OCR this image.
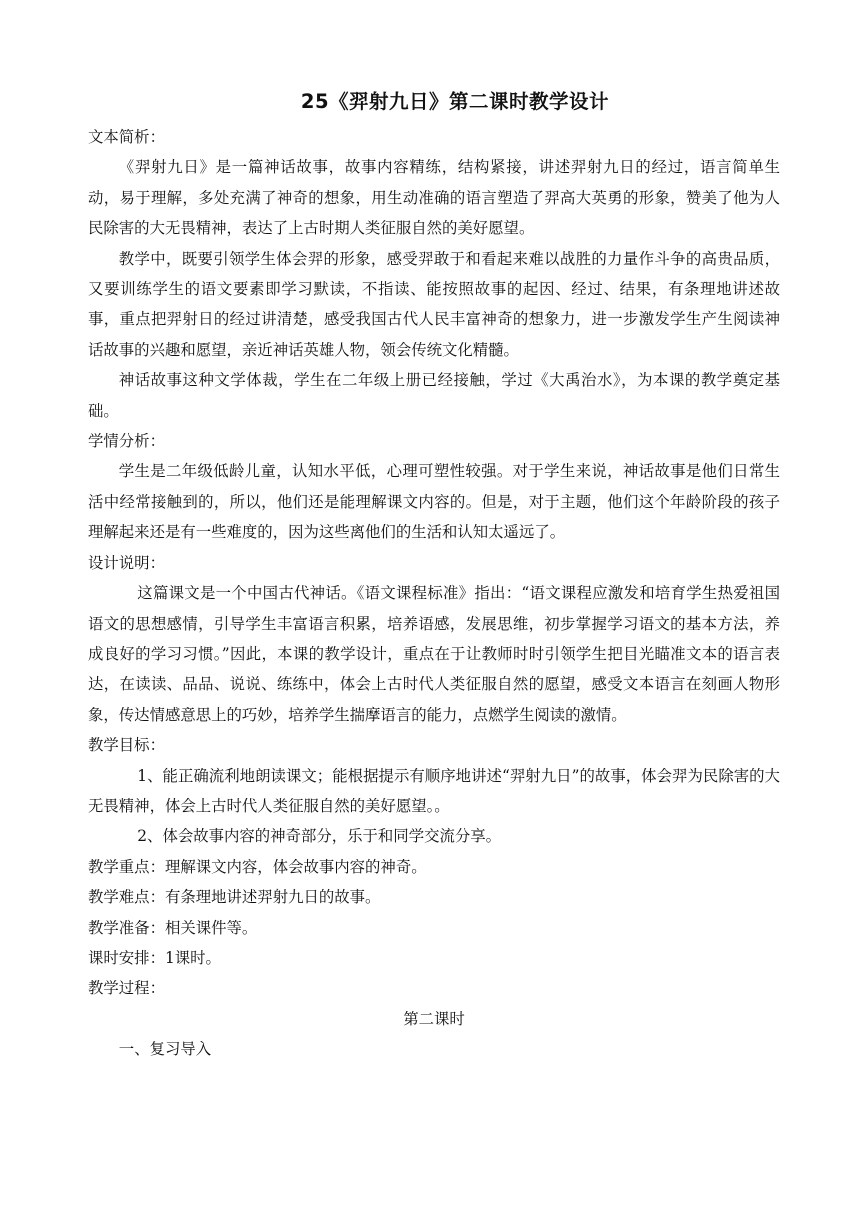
25《羿射九日》第二课时教学设计

文本简析：

《羿射九日》是一篇神话故事，故事内容精练，结构紧接，讲述羿射九日的经过，语言简单生动，易于理解，多处充满了神奇的想象，用生动准确的语言塑造了羿高大英勇的形象，赞美了他为人民除害的大无畏精神，表达了上古时期人类征服自然的美好愿望。

教学中，既要引领学生体会羿的形象，感受羿敢于和看起来难以战胜的力量作斗争的高贵品质，又要训练学生的语文要素即学习默读，不指读、能按照故事的起因、经过、结果，有条理地讲述故事，重点把羿射日的经过讲清楚，感受我国古代人民丰富神奇的想象力，进一步激发学生产生阅读神话故事的兴趣和愿望，亲近神话英雄人物，领会传统文化精髓。

神话故事这种文学体裁，学生在二年级上册已经接触，学过《大禹治水》，为本课的教学奠定基础。

学情分析：

学生是二年级低龄儿童，认知水平低，心理可塑性较强。对于学生来说，神话故事是他们日常生活中经常接触到的，所以，他们还是能理解课文内容的。但是，对于主题，他们这个年龄阶段的孩子理解起来还是有一些难度的，因为这些离他们的生活和认知太遥远了。

设计说明：

这篇课文是一个中国古代神话。《语文课程标准》指出：“语文课程应激发和培育学生热爱祖国语文的思想感情，引导学生丰富语言积累，培养语感，发展思维，初步掌握学习语文的基本方法，养成良好的学习习惯。”因此，本课的教学设计，重点在于让教师时时引领学生把目光瞄准文本的语言表达，在读读、品品、说说、练练中，体会上古时代人类征服自然的愿望，感受文本语言在刻画人物形象，传达情感意思上的巧妙，培养学生揣摩语言的能力，点燃学生阅读的激情。

教学目标：

1、能正确流利地朗读课文；能根据提示有顺序地讲述“羿射九日”的故事，体会羿为民除害的大无畏精神，体会上古时代人类征服自然的美好愿望。。

2、体会故事内容的神奇部分，乐于和同学交流分享。

教学重点：理解课文内容，体会故事内容的神奇。

教学难点：有条理地讲述羿射九日的故事。

教学准备：相关课件等。

课时安排：1课时。

教学过程：

第二课时

一、复习导入
